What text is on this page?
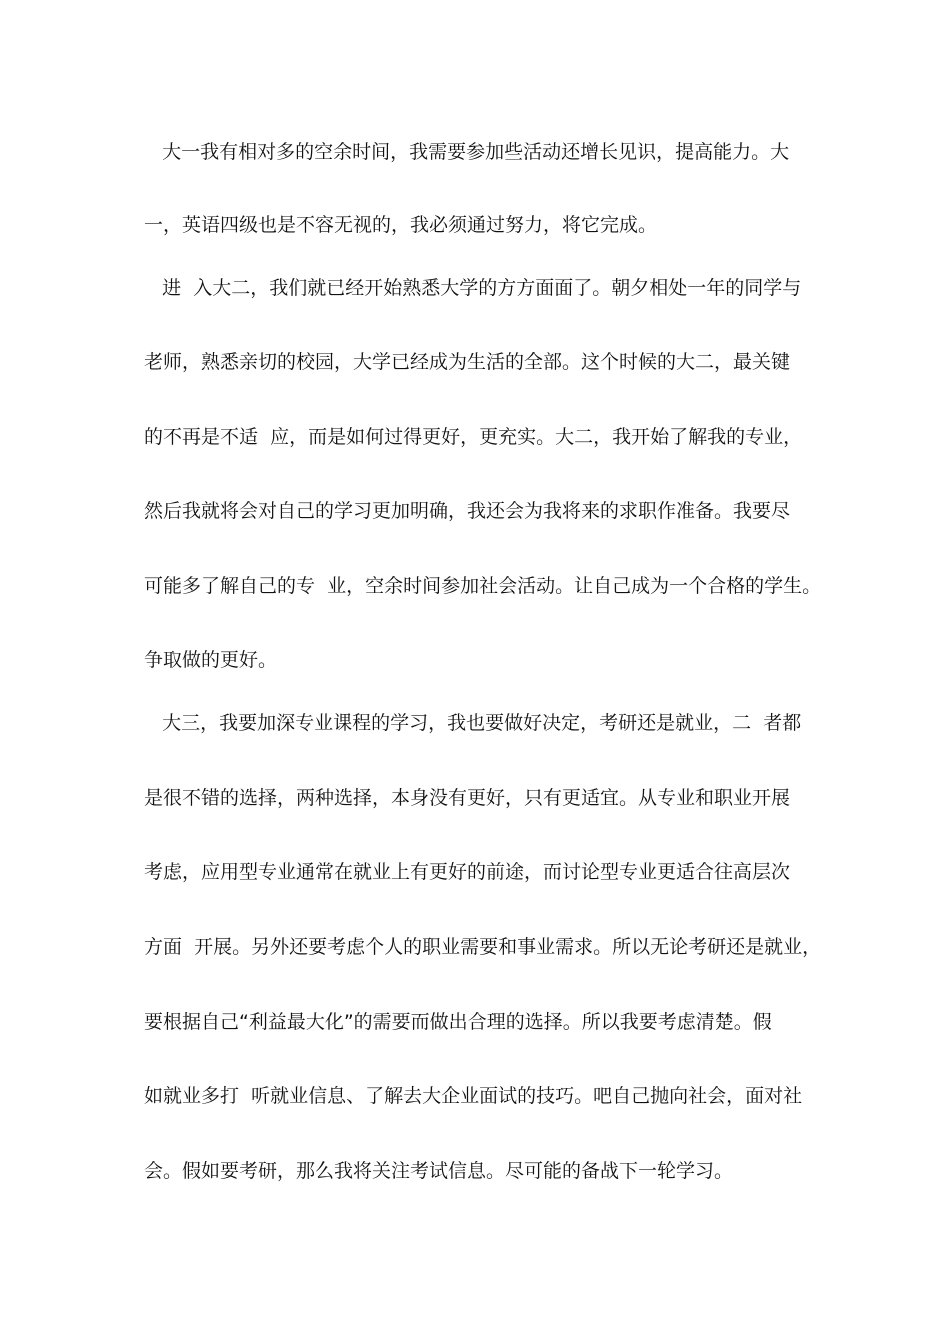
大一我有相对多的空余时间，我需要参加些活动还增长见识，提高能力。大
一，英语四级也是不容无视的，我必须通过努力，将它完成。
进  入大二，我们就已经开始熟悉大学的方方面面了。朝夕相处一年的同学与
老师，熟悉亲切的校园，大学已经成为生活的全部。这个时候的大二，最关键
的不再是不适  应，而是如何过得更好，更充实。大二，我开始了解我的专业，
然后我就将会对自己的学习更加明确，我还会为我将来的求职作准备。我要尽
可能多了解自己的专  业，空余时间参加社会活动。让自己成为一个合格的学生。
争取做的更好。
大三，我要加深专业课程的学习，我也要做好决定，考研还是就业，二  者都
是很不错的选择，两种选择，本身没有更好，只有更适宜。从专业和职业开展
考虑，应用型专业通常在就业上有更好的前途，而讨论型专业更适合往高层次
方面  开展。另外还要考虑个人的职业需要和事业需求。所以无论考研还是就业，
要根据自己“利益最大化”的需要而做出合理的选择。所以我要考虑清楚。假
如就业多打  听就业信息、了解去大企业面试的技巧。吧自己抛向社会，面对社
会。假如要考研，那么我将关注考试信息。尽可能的备战下一轮学习。
